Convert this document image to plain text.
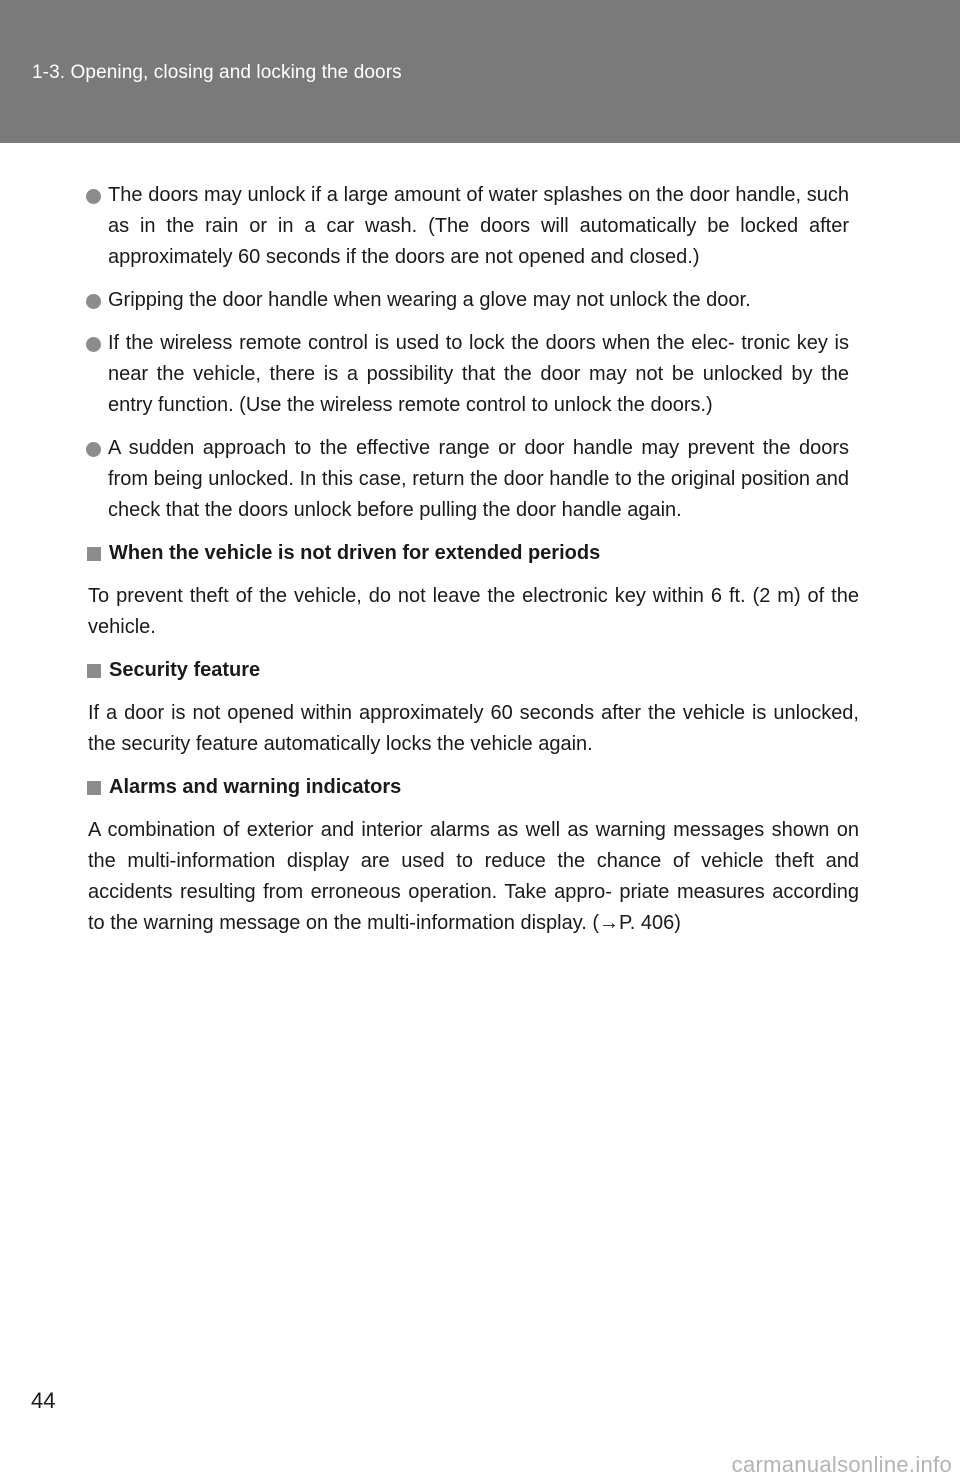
1-3. Opening, closing and locking the doors
The doors may unlock if a large amount of water splashes on the door handle, such as in the rain or in a car wash. (The doors will automatically be locked after approximately 60 seconds if the doors are not opened and closed.)
Gripping the door handle when wearing a glove may not unlock the door.
If the wireless remote control is used to lock the doors when the elec- tronic key is near the vehicle, there is a possibility that the door may not be unlocked by the entry function. (Use the wireless remote control to unlock the doors.)
A sudden approach to the effective range or door handle may prevent the doors from being unlocked. In this case, return the door handle to the original position and check that the doors unlock before pulling the door handle again.
When the vehicle is not driven for extended periods
To prevent theft of the vehicle, do not leave the electronic key within 6 ft. (2 m) of the vehicle.
Security feature
If a door is not opened within approximately 60 seconds after the vehicle is unlocked, the security feature automatically locks the vehicle again.
Alarms and warning indicators
A combination of exterior and interior alarms as well as warning messages shown on the multi-information display are used to reduce the chance of vehicle theft and accidents resulting from erroneous operation. Take appro- priate measures according to the warning message on the multi-information display. (→P. 406)
44
carmanualsonline.info
